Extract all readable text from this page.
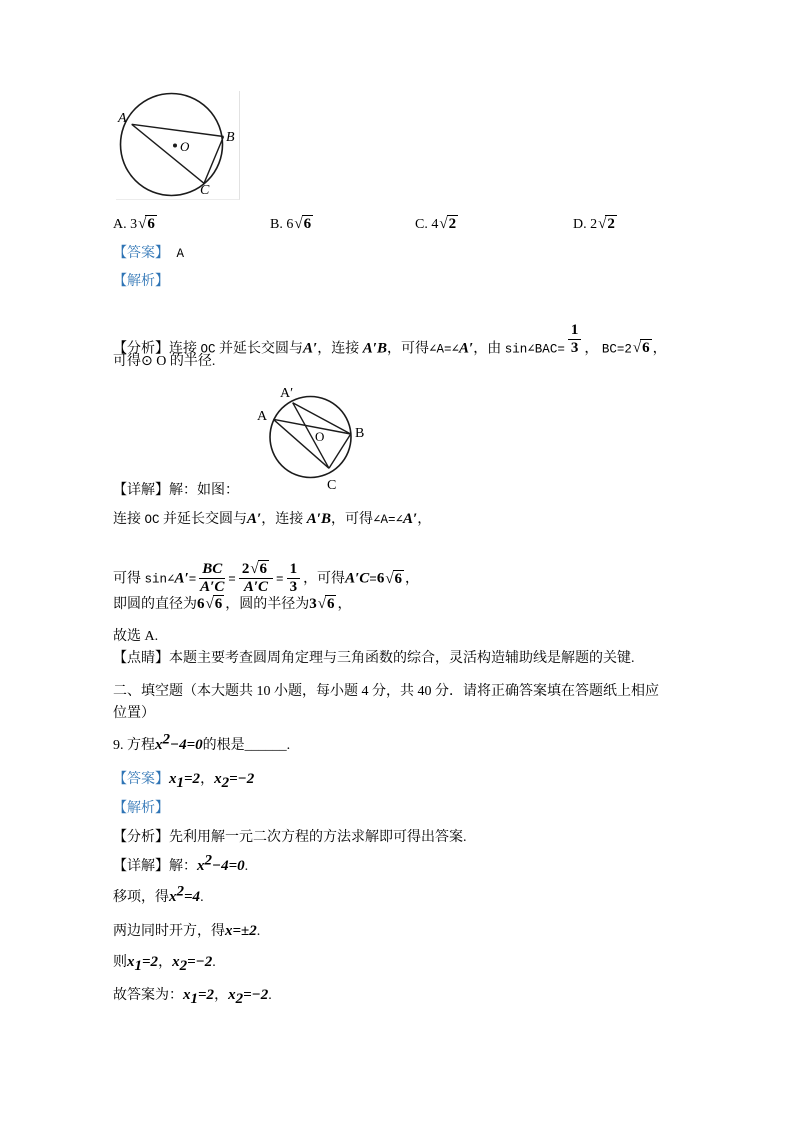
A
B
C
O
A. 3√ 6	B. 6√ 6	C. 4√ 2	D. 2√ 2
【答案】 A
【解析】
【分析】连接 OC 并延长交圆与A′，连接 A′B，可得∠A=∠A′，由 sin∠BAC= $\frac{1}{3}$ ， BC=2√ 6 ，
可得⊙ O 的半径.
A′
A
O B
C
【详解】解：如图：
连接 OC 并延长交圆与A′，连接 A′B，可得∠A=∠A′，
可得 sin∠A′= $\frac{BC}{A'C} = \frac{2√ 6}{A'C} = \frac{1}{3}$ ，可得A′C=6√ 6 ，
即圆的直径为6√ 6 ，圆的半径为3√ 6 ，
故选 A.
【点睛】本题主要考查圆周角定理与三角函数的综合，灵活构造辅助线是解题的关键.
二、填空题（本大题共 10 小题，每小题 4 分，共 40 分．请将正确答案填在答题纸上相应
位置）
9. 方程$x^2-4=0$的根是______.
【答案】$x_1=2$，$x_2=-2$
【解析】
【分析】先利用解一元二次方程的方法求解即可得出答案.
【详解】解：$x^2-4=0$.
移项，得$x^2=4$.
两边同时开方，得x=±2.
则$x_1=2$，$x_2=-2$.
故答案为：$x_1=2$，$x_2=-2$.
